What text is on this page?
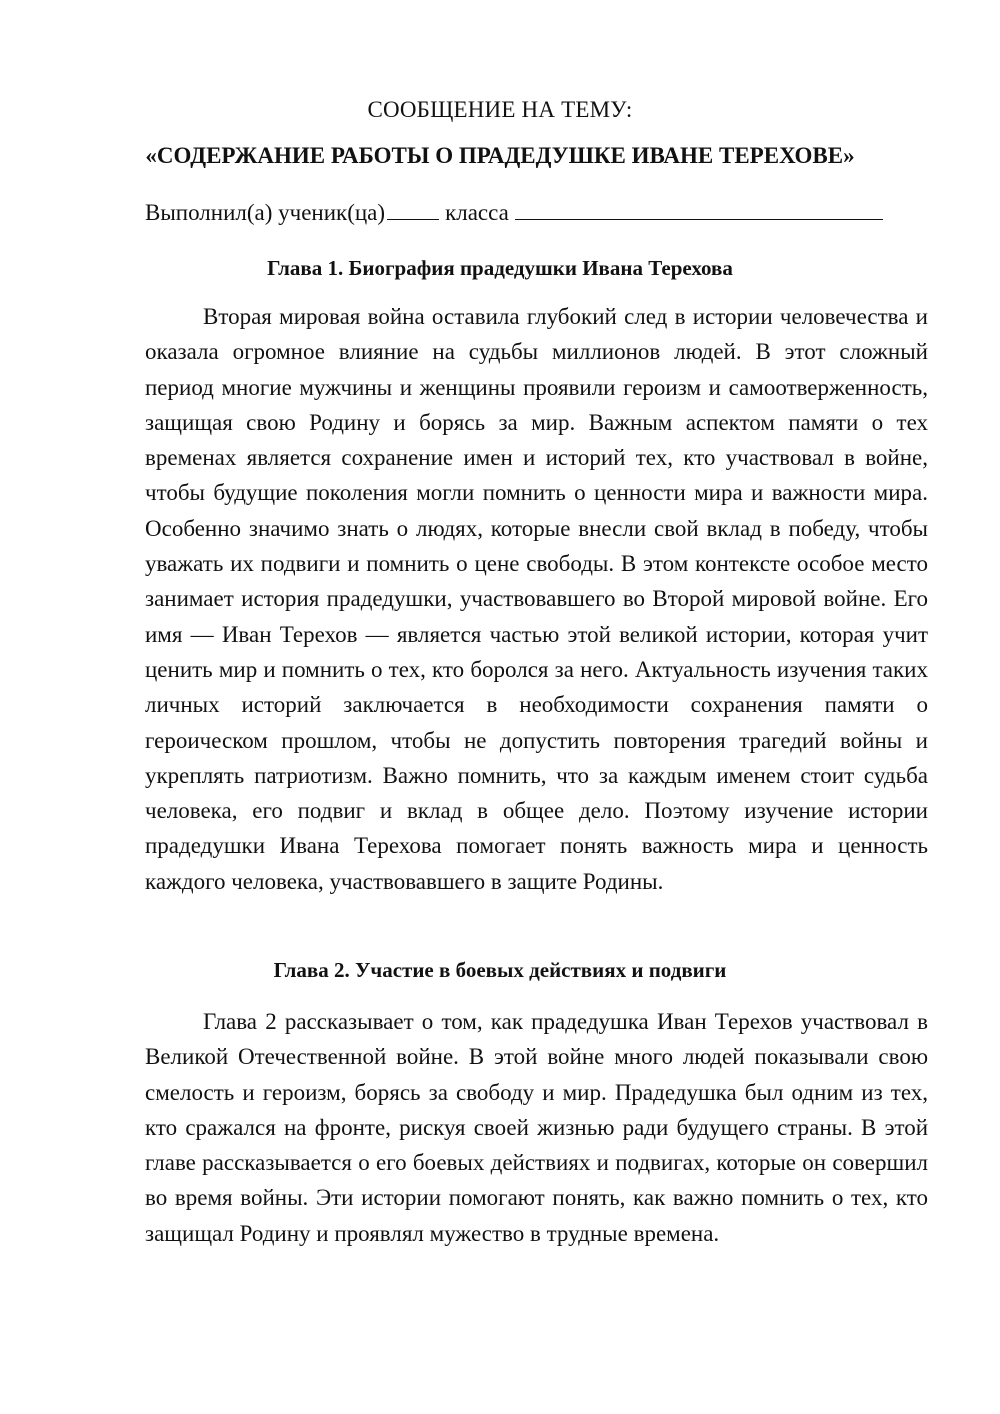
СООБЩЕНИЕ НА ТЕМУ:

«СОДЕРЖАНИЕ РАБОТЫ О ПРАДЕДУШКЕ ИВАНЕ ТЕРЕХОВЕ»

Выполнил(а) ученик(ца)	класса

Глава 1. Биография прадедушки Ивана Терехова

Вторая мировая война оставила глубокий след в истории человечества и оказала огромное влияние на судьбы миллионов людей. В этот сложный период многие мужчины и женщины проявили героизм и самоотверженность, защищая свою Родину и борясь за мир. Важным аспектом памяти о тех временах является сохранение имен и историй тех, кто участвовал в войне, чтобы будущие поколения могли помнить о ценности мира и важности мира. Особенно значимо знать о людях, которые внесли свой вклад в победу, чтобы уважать их подвиги и помнить о цене свободы. В этом контексте особое место занимает история прадедушки, участвовавшего во Второй мировой войне. Его имя — Иван Терехов — является частью этой великой истории, которая учит ценить мир и помнить о тех, кто боролся за него. Актуальность изучения таких личных историй заключается в необходимости сохранения памяти о героическом прошлом, чтобы не допустить повторения трагедий войны и укреплять патриотизм. Важно помнить, что за каждым именем стоит судьба человека, его подвиг и вклад в общее дело. Поэтому изучение истории прадедушки Ивана Терехова помогает понять важность мира и ценность каждого человека, участвовавшего в защите Родины.

Глава 2. Участие в боевых действиях и подвиги

Глава 2 рассказывает о том, как прадедушка Иван Терехов участвовал в Великой Отечественной войне. В этой войне много людей показывали свою смелость и героизм, борясь за свободу и мир. Прадедушка был одним из тех, кто сражался на фронте, рискуя своей жизнью ради будущего страны. В этой главе рассказывается о его боевых действиях и подвигах, которые он совершил во время войны. Эти истории помогают понять, как важно помнить о тех, кто защищал Родину и проявлял мужество в трудные времена.
